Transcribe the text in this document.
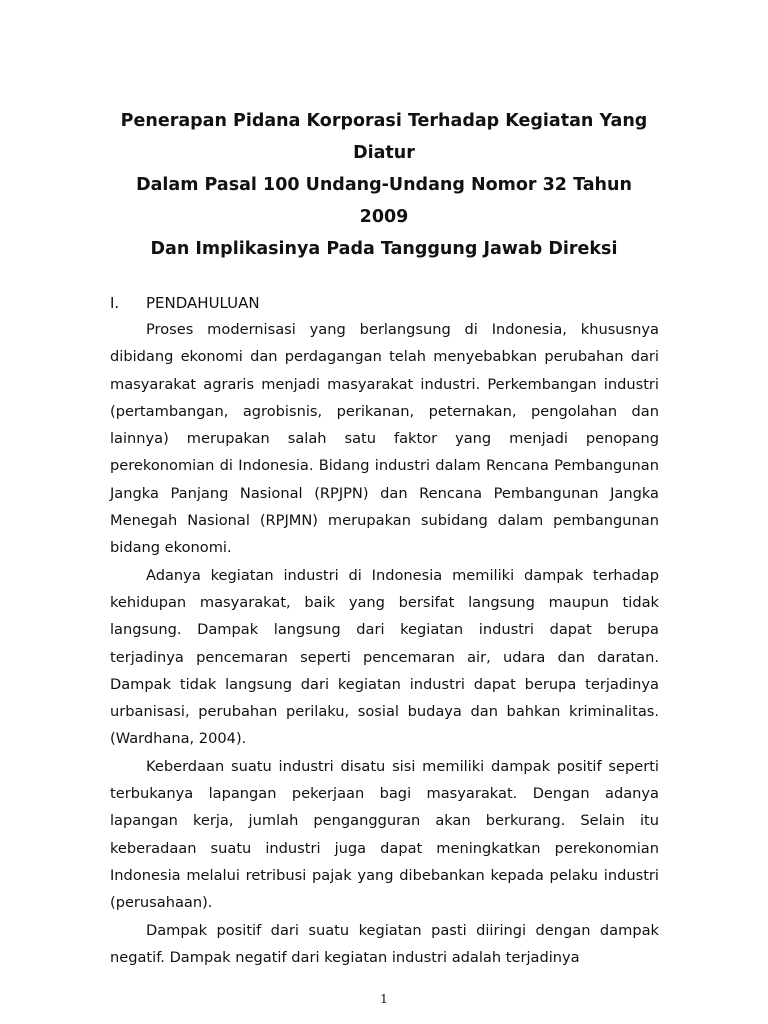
Penerapan Pidana Korporasi Terhadap Kegiatan Yang
Diatur
Dalam Pasal 100 Undang-Undang Nomor 32 Tahun
2009
Dan Implikasinya Pada Tanggung Jawab Direksi
I. PENDAHULUAN

Proses modernisasi yang berlangsung di Indonesia, khususnya dibidang ekonomi dan perdagangan telah menyebabkan perubahan dari masyarakat agraris menjadi masyarakat industri. Perkembangan industri (pertambangan, agrobisnis, perikanan, peternakan, pengolahan dan lainnya) merupakan salah satu faktor yang menjadi penopang perekonomian di Indonesia. Bidang industri dalam Rencana Pembangunan Jangka Panjang Nasional (RPJPN) dan Rencana Pembangunan Jangka Menegah Nasional (RPJMN) merupakan subidang dalam pembangunan bidang ekonomi.

Adanya kegiatan industri di Indonesia memiliki dampak terhadap kehidupan masyarakat, baik yang bersifat langsung maupun tidak langsung. Dampak langsung dari kegiatan industri dapat berupa terjadinya pencemaran seperti pencemaran air, udara dan daratan. Dampak tidak langsung dari kegiatan industri dapat berupa terjadinya urbanisasi, perubahan perilaku, sosial budaya dan bahkan kriminalitas. (Wardhana, 2004).

Keberdaan suatu industri disatu sisi memiliki dampak positif seperti terbukanya lapangan pekerjaan bagi masyarakat. Dengan adanya lapangan kerja, jumlah pengangguran akan berkurang. Selain itu keberadaan suatu industri juga dapat meningkatkan perekonomian Indonesia melalui retribusi pajak yang dibebankan kepada pelaku industri (perusahaan).

Dampak positif dari suatu kegiatan pasti diiringi dengan dampak negatif. Dampak negatif dari kegiatan industri adalah terjadinya

1
